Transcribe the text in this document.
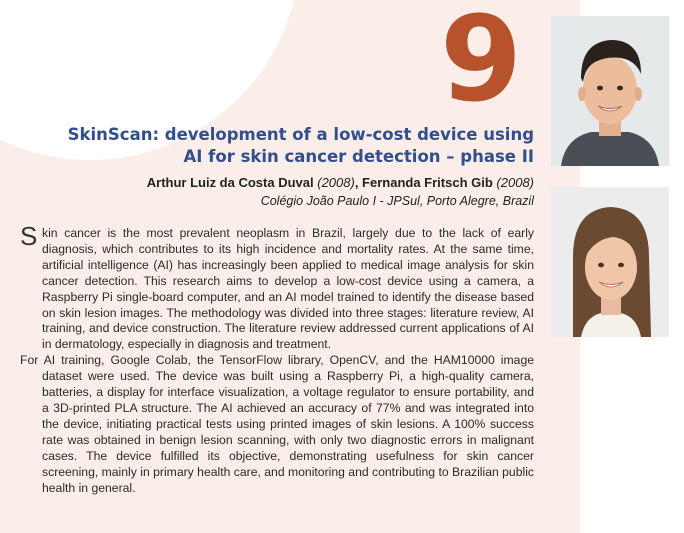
9
SkinScan: development of a low-cost device using
AI for skin cancer detection – phase II
Arthur Luiz da Costa Duval (2008), Fernanda Fritsch Gib (2008)
Colégio João Paulo I - JPSul, Porto Alegre, Brazil

S kin cancer is the most prevalent neoplasm in Brazil, largely due to the lack of early diagnosis, which contributes to its high incidence and mortality rates. At the same time, artificial intelligence (AI) has increasingly been applied to medical image analysis for skin cancer detection. This research aims to develop a low-cost device using a camera, a Raspberry Pi single-board computer, and an AI model trained to identify the disease based on skin lesion images. The methodology was divided into three stages: literature review, AI training, and device construction. The literature review addressed current applications of AI in dermatology, especially in diagnosis and treatment.

For AI training, Google Colab, the TensorFlow library, OpenCV, and the HAM10000 image dataset were used. The device was built using a Raspberry Pi, a high-quality camera, batteries, a display for interface visualization, a voltage regulator to ensure portability, and a 3D-printed PLA structure. The AI achieved an accuracy of 77% and was integrated into the device, initiating practical tests using printed images of skin lesions. A 100% success rate was obtained in benign lesion scanning, with only two diagnostic errors in malignant cases. The device fulfilled its objective, demonstrating usefulness for skin cancer screening, mainly in primary health care, and monitoring and contributing to Brazilian public health in general.
